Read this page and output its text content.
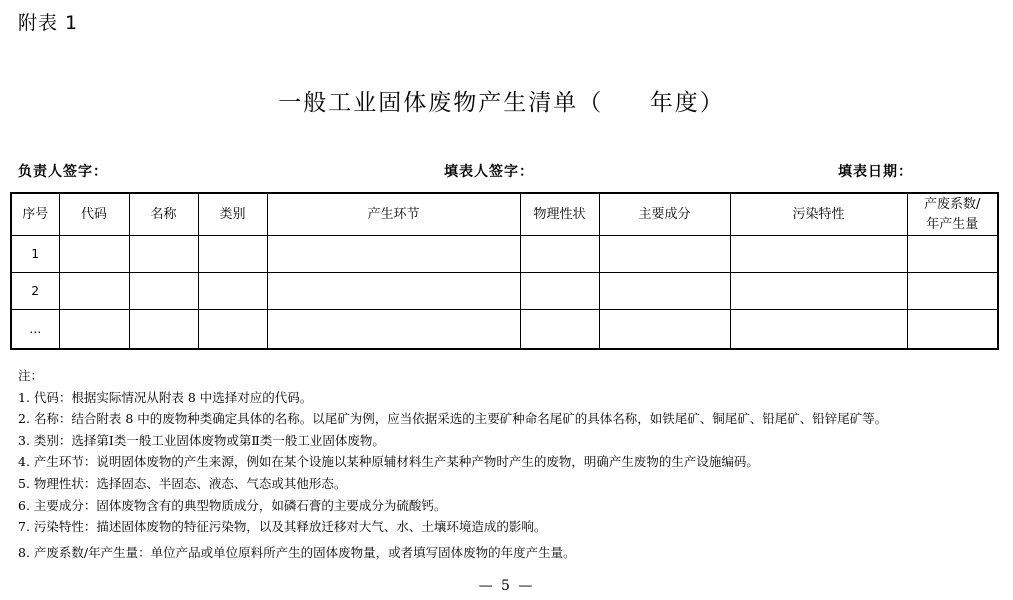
附表 1
一般工业固体废物产生清单（     年度）
负责人签字：	填表人签字：	填表日期：
序号	代码	名称	类别	产生环节	物理性状	主要成分	污染特性	产废系数/
年产生量

1								
2								
…								
注：
1. 代码：根据实际情况从附表 8 中选择对应的代码。
2. 名称：结合附表 8 中的废物种类确定具体的名称。以尾矿为例，应当依据采选的主要矿种命名尾矿的具体名称，如铁尾矿、铜尾矿、铅尾矿、铅锌尾矿等。
3. 类别：选择第Ⅰ类一般工业固体废物或第Ⅱ类一般工业固体废物。
4. 产生环节：说明固体废物的产生来源，例如在某个设施以某种原辅材料生产某种产物时产生的废物，明确产生废物的生产设施编码。
5. 物理性状：选择固态、半固态、液态、气态或其他形态。
6. 主要成分：固体废物含有的典型物质成分，如磷石膏的主要成分为硫酸钙。
7. 污染特性：描述固体废物的特征污染物，以及其释放迁移对大气、水、土壤环境造成的影响。
8. 产废系数/年产生量：单位产品或单位原料所产生的固体废物量，或者填写固体废物的年度产生量。
— 5 —
